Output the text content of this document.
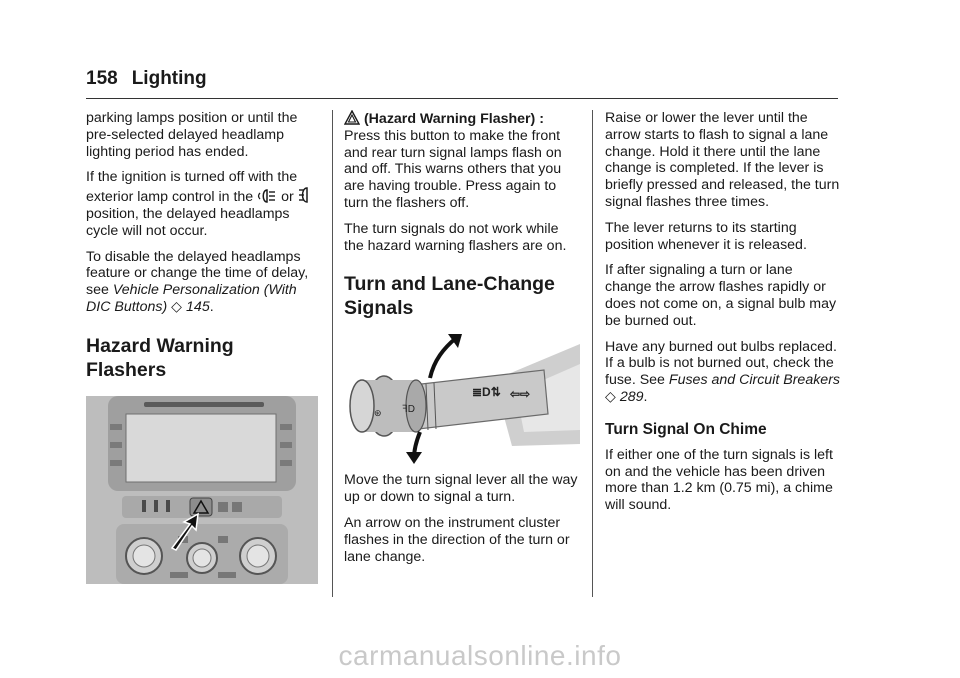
158 Lighting

parking lamps position or until the pre-selected delayed headlamp lighting period has ended.

If the ignition is turned off with the exterior lamp control in the or  position, the delayed headlamps cycle will not occur.

To disable the delayed headlamps feature or change the time of delay, see Vehicle Personalization (With DIC Buttons) ◇ 145.

Hazard Warning Flashers

(Hazard Warning Flasher) : Press this button to make the front and rear turn signal lamps flash on and off. This warns others that you are having trouble. Press again to turn the flashers off.

The turn signals do not work while the hazard warning flashers are on.

Turn and Lane-Change Signals
⊛ ꟻD
≣D⇅ ⇦⇨

Move the turn signal lever all the way up or down to signal a turn.

An arrow on the instrument cluster flashes in the direction of the turn or lane change.

Raise or lower the lever until the arrow starts to flash to signal a lane change. Hold it there until the lane change is completed. If the lever is briefly pressed and released, the turn signal flashes three times.

The lever returns to its starting position whenever it is released.

If after signaling a turn or lane change the arrow flashes rapidly or does not come on, a signal bulb may be burned out.

Have any burned out bulbs replaced. If a bulb is not burned out, check the fuse. See Fuses and Circuit Breakers ◇ 289.

Turn Signal On Chime

If either one of the turn signals is left on and the vehicle has been driven more than 1.2 km (0.75 mi), a chime will sound.

carmanualsonline.info
